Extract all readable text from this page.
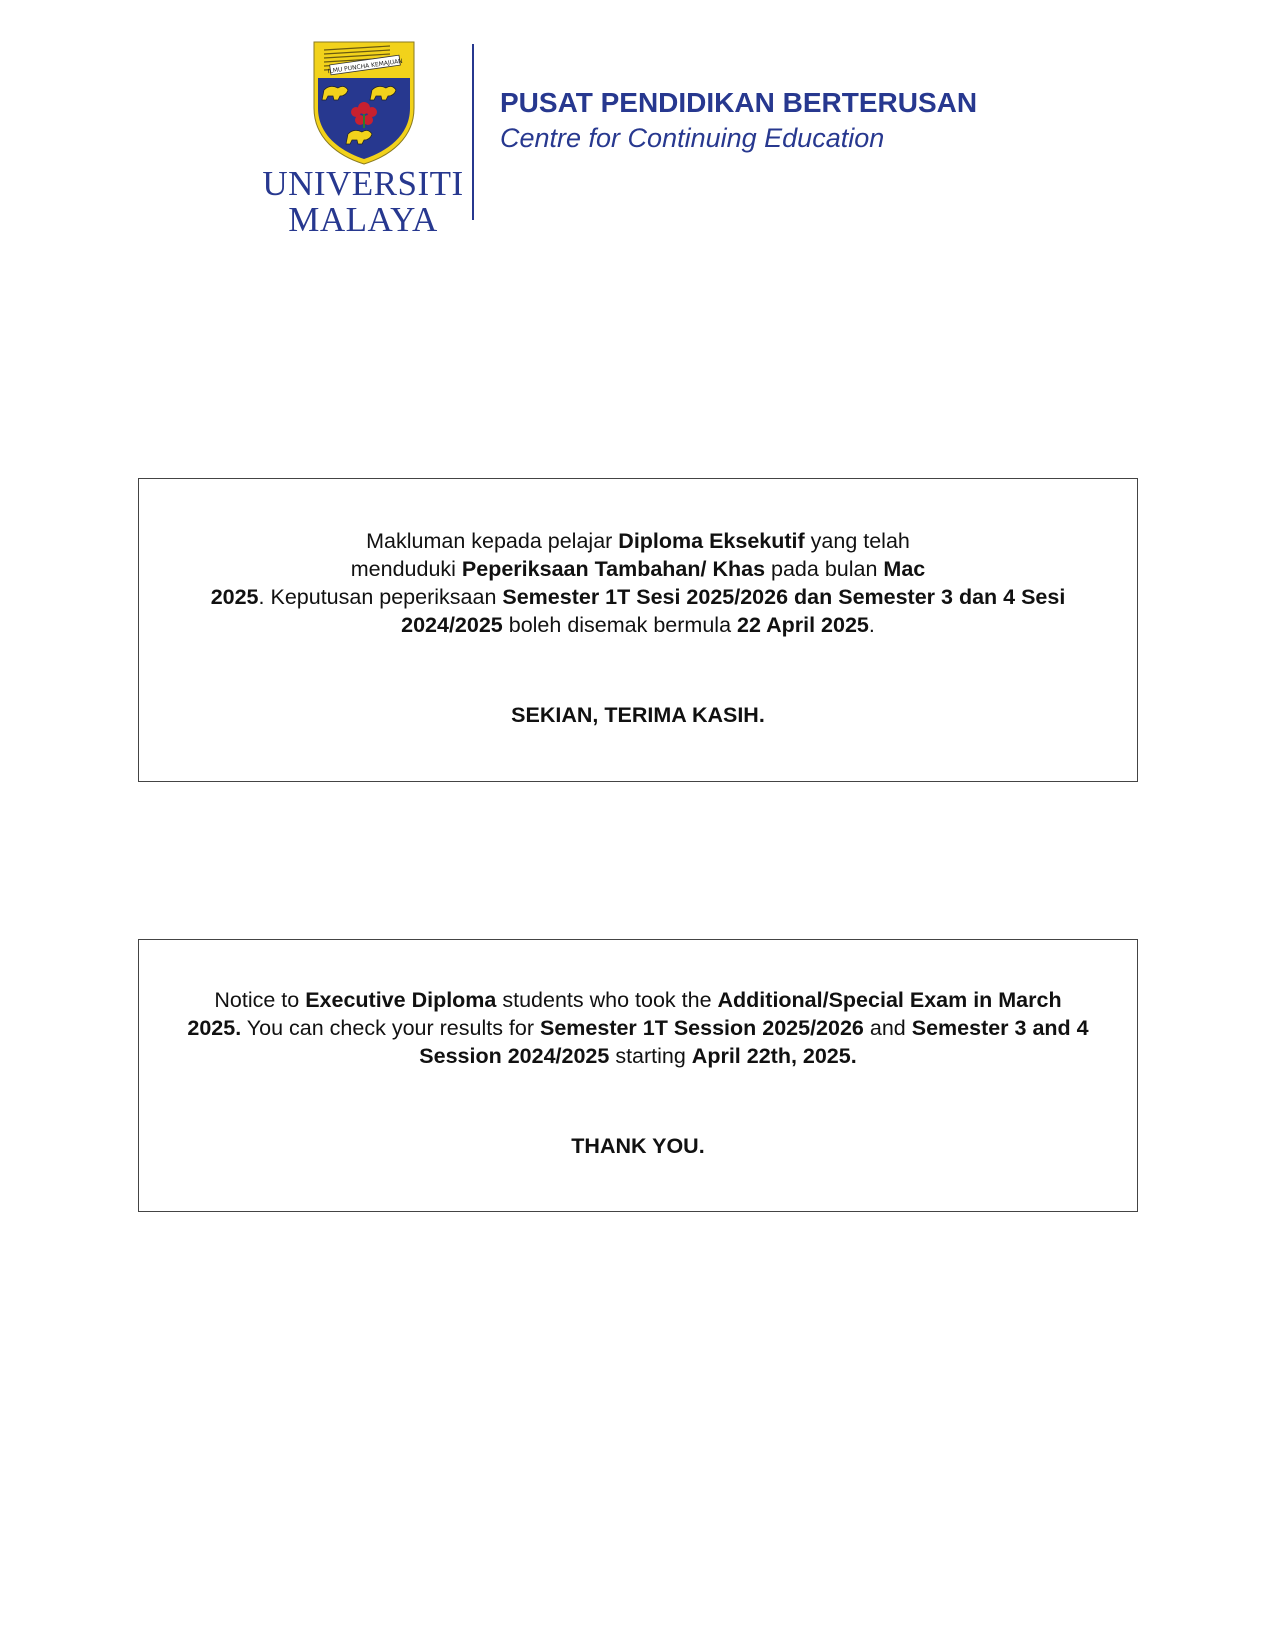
ILMU PUNCHA KEMAJUAN
UNIVERSITI
MALAYA
PUSAT PENDIDIKAN BERTERUSAN
Centre for Continuing Education
Makluman kepada pelajar Diploma Eksekutif yang telah
menduduki Peperiksaan Tambahan/ Khas pada bulan Mac
2025. Keputusan peperiksaan Semester 1T Sesi 2025/2026 dan Semester 3 dan 4 Sesi
2024/2025 boleh disemak bermula 22 April 2025.
SEKIAN, TERIMA KASIH.
Notice to Executive Diploma students who took the Additional/Special Exam in March
2025. You can check your results for Semester 1T Session 2025/2026 and Semester 3 and 4
Session 2024/2025 starting April 22th, 2025.
THANK YOU.
